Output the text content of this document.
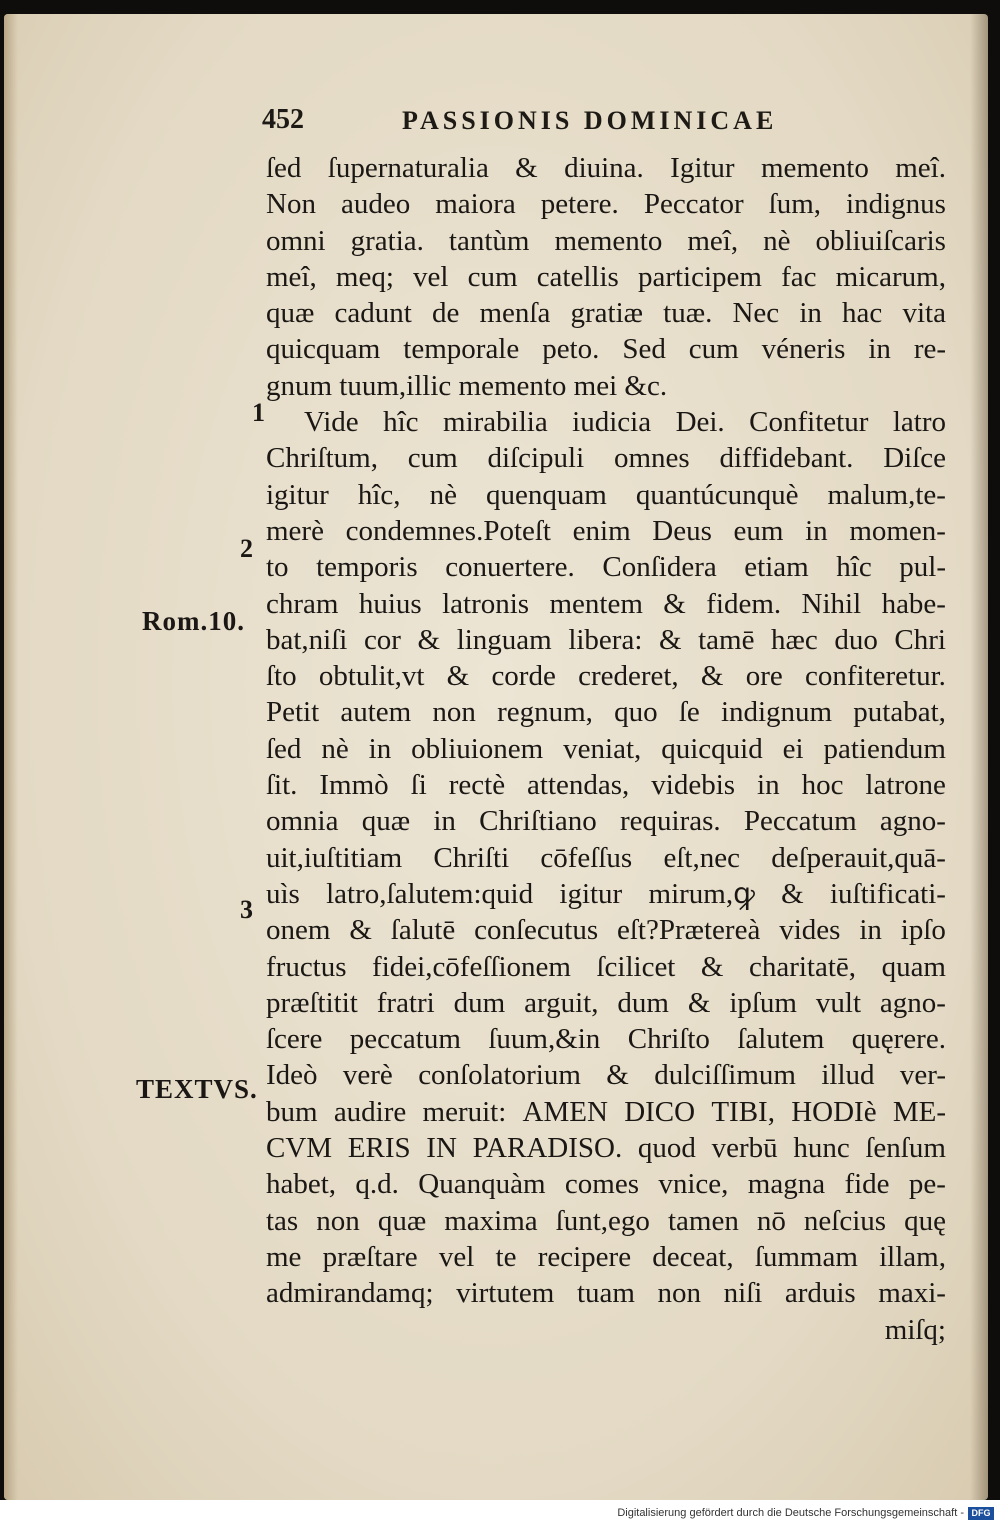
452	PASSIONIS DOMINICAE
1
2
Rom.10.
3
TEXTVS.
ſed ſupernaturalia & diuina. Igitur memento meî.
Non audeo maiora petere. Peccator ſum, indignus
omni gratia. tantùm memento meî, nè obliuiſcaris
meî, meq; vel cum catellis participem fac micarum,
quæ cadunt de menſa gratiæ tuæ. Nec in hac vita
quicquam temporale peto. Sed cum véneris in re-
gnum tuum,illic memento mei &c.
Vide hîc mirabilia iudicia Dei. Confitetur latro
Chriſtum, cum diſcipuli omnes diffidebant. Diſce
igitur hîc, nè quenquam quantúcunquè malum,te-
merè condemnes.Poteſt enim Deus eum in momen-
to temporis conuertere. Conſidera etiam hîc pul-
chram huius latronis mentem & fidem. Nihil habe-
bat,niſi cor & linguam libera: & tamē hæc duo Chri
ſto obtulit,vt & corde crederet, & ore confiteretur.
Petit autem non regnum, quo ſe indignum putabat,
ſed nè in obliuionem veniat, quicquid ei patiendum
ſit. Immò ſi rectè attendas, videbis in hoc latrone
omnia quæ in Chriſtiano requiras. Peccatum agno-
uit,iuſtitiam Chriſti cōfeſſus eſt,nec deſperauit,quā-
uìs latro,ſalutem:quid igitur mirum,ꝙ & iuſtificati-
onem & ſalutē conſecutus eſt?Prætereà vides in ipſo
fructus fidei,cōfeſſionem ſcilicet & charitatē, quam
præſtitit fratri dum arguit, dum & ipſum vult agno-
ſcere peccatum ſuum,&in Chriſto ſalutem quęrere.
Ideò verè conſolatorium & dulciſſimum illud ver-
bum audire meruit: AMEN DICO TIBI, HODIè ME-
CVM ERIS IN PARADISO. quod verbū hunc ſenſum
habet, q.d. Quanquàm comes vnice, magna fide pe-
tas non quæ maxima ſunt,ego tamen nō neſcius quę
me præſtare vel te recipere deceat, ſummam illam,
admirandamq; virtutem tuam non niſi arduis maxi-
miſq;
Digitalisierung gefördert durch die Deutsche Forschungsgemeinschaft - DFG
